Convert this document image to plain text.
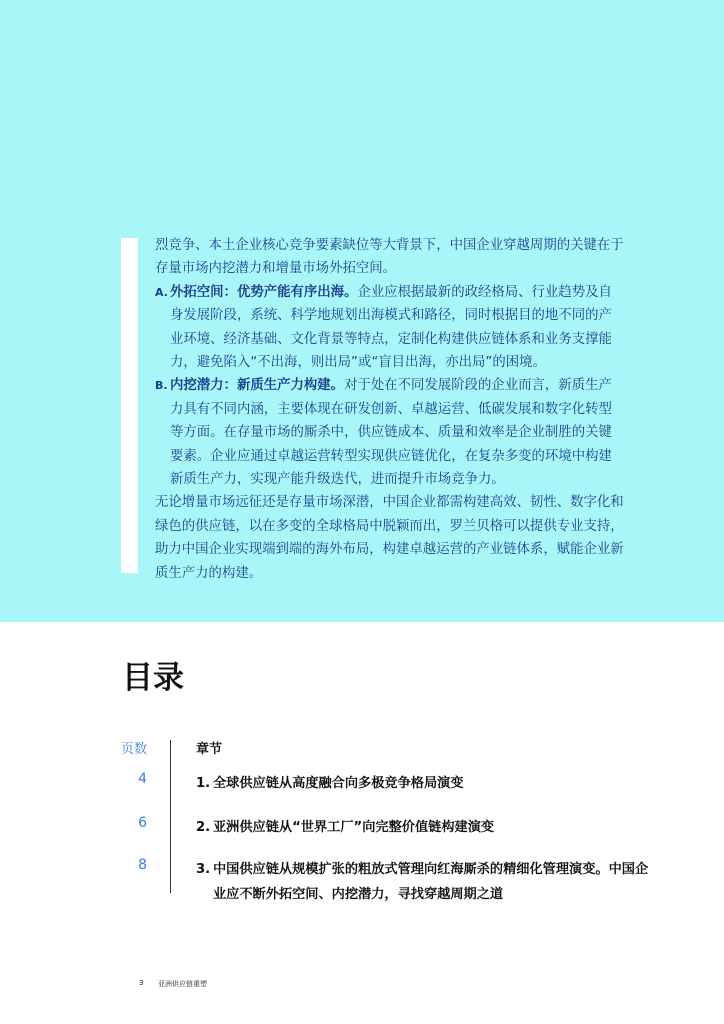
烈竞争、本土企业核心竞争要素缺位等大背景下，中国企业穿越周期的关键在于存量市场内挖潜力和增量市场外拓空间。

A. 外拓空间：优势产能有序出海。企业应根据最新的政经格局、行业趋势及自身发展阶段，系统、科学地规划出海模式和路径，同时根据目的地不同的产业环境、经济基础、文化背景等特点，定制化构建供应链体系和业务支撑能力，避免陷入“不出海，则出局”或“盲目出海，亦出局”的困境。
B. 内挖潜力：新质生产力构建。对于处在不同发展阶段的企业而言，新质生产力具有不同内涵，主要体现在研发创新、卓越运营、低碳发展和数字化转型等方面。在存量市场的厮杀中，供应链成本、质量和效率是企业制胜的关键要素。企业应通过卓越运营转型实现供应链优化，在复杂多变的环境中构建新质生产力，实现产能升级迭代，进而提升市场竞争力。

无论增量市场远征还是存量市场深潜，中国企业都需构建高效、韧性、数字化和绿色的供应链，以在多变的全球格局中脱颖而出，罗兰贝格可以提供专业支持，助力中国企业实现端到端的海外布局，构建卓越运营的产业链体系，赋能企业新质生产力的构建。

目录
页数	章节
4	1. 全球供应链从高度融合向多极竞争格局演变
6	2. 亚洲供应链从“世界工厂”向完整价值链构建演变
8	3. 中国供应链从规模扩张的粗放式管理向红海厮杀的精细化管理演变。中国企业应不断外拓空间、内挖潜力，寻找穿越周期之道
3 亚洲供应链重塑
